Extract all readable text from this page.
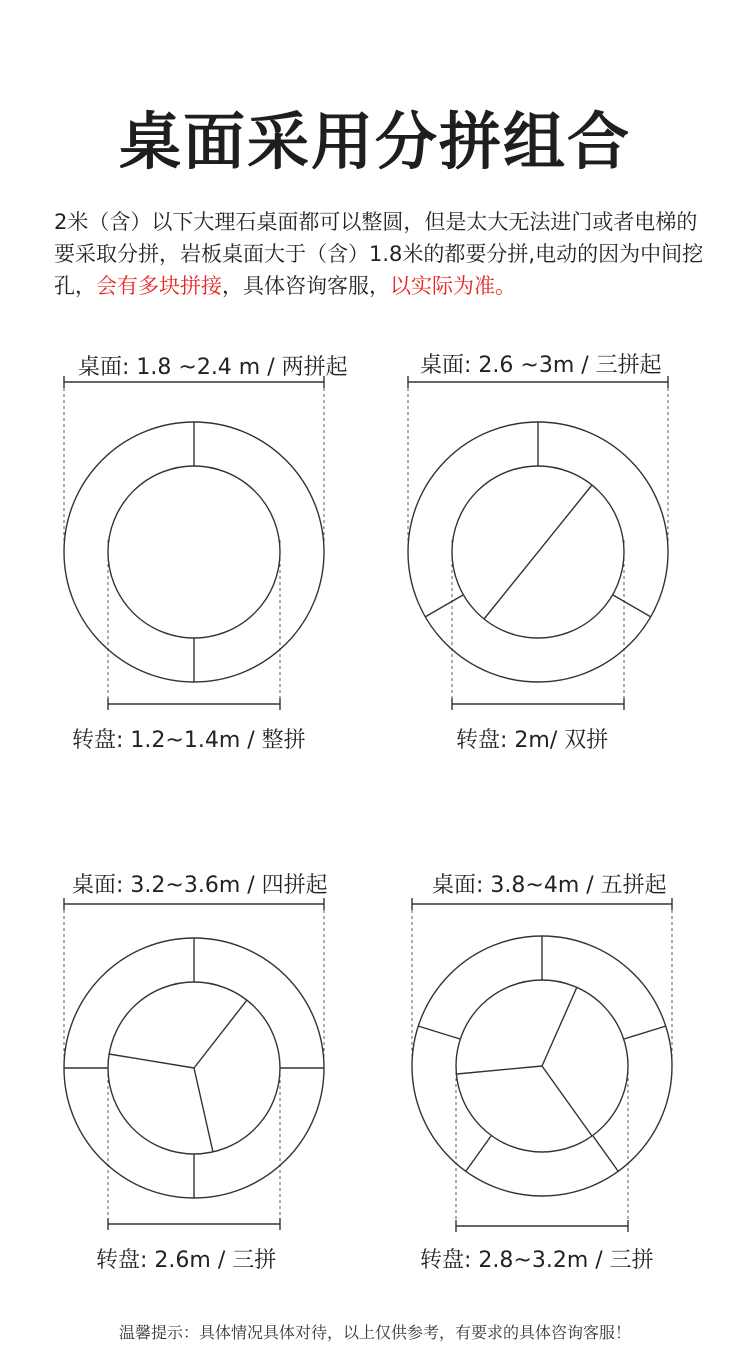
桌面采用分拼组合

2米（含）以下大理石桌面都可以整圆，但是太大无法进门或者电梯的要采取分拼，岩板桌面大于（含）1.8米的都要分拼,电动的因为中间挖孔，会有多块拼接，具体咨询客服，以实际为准。

桌面: 1.8 ~2.4 m / 两拼起	桌面: 2.6 ~3m / 三拼起
桌面: 3.2~3.6m / 四拼起	桌面: 3.8~4m / 五拼起
转盘: 1.2~1.4m / 整拼	转盘: 2m/ 双拼
转盘: 2.6m / 三拼	转盘: 2.8~3.2m / 三拼

温馨提示：具体情况具体对待，以上仅供参考，有要求的具体咨询客服！
